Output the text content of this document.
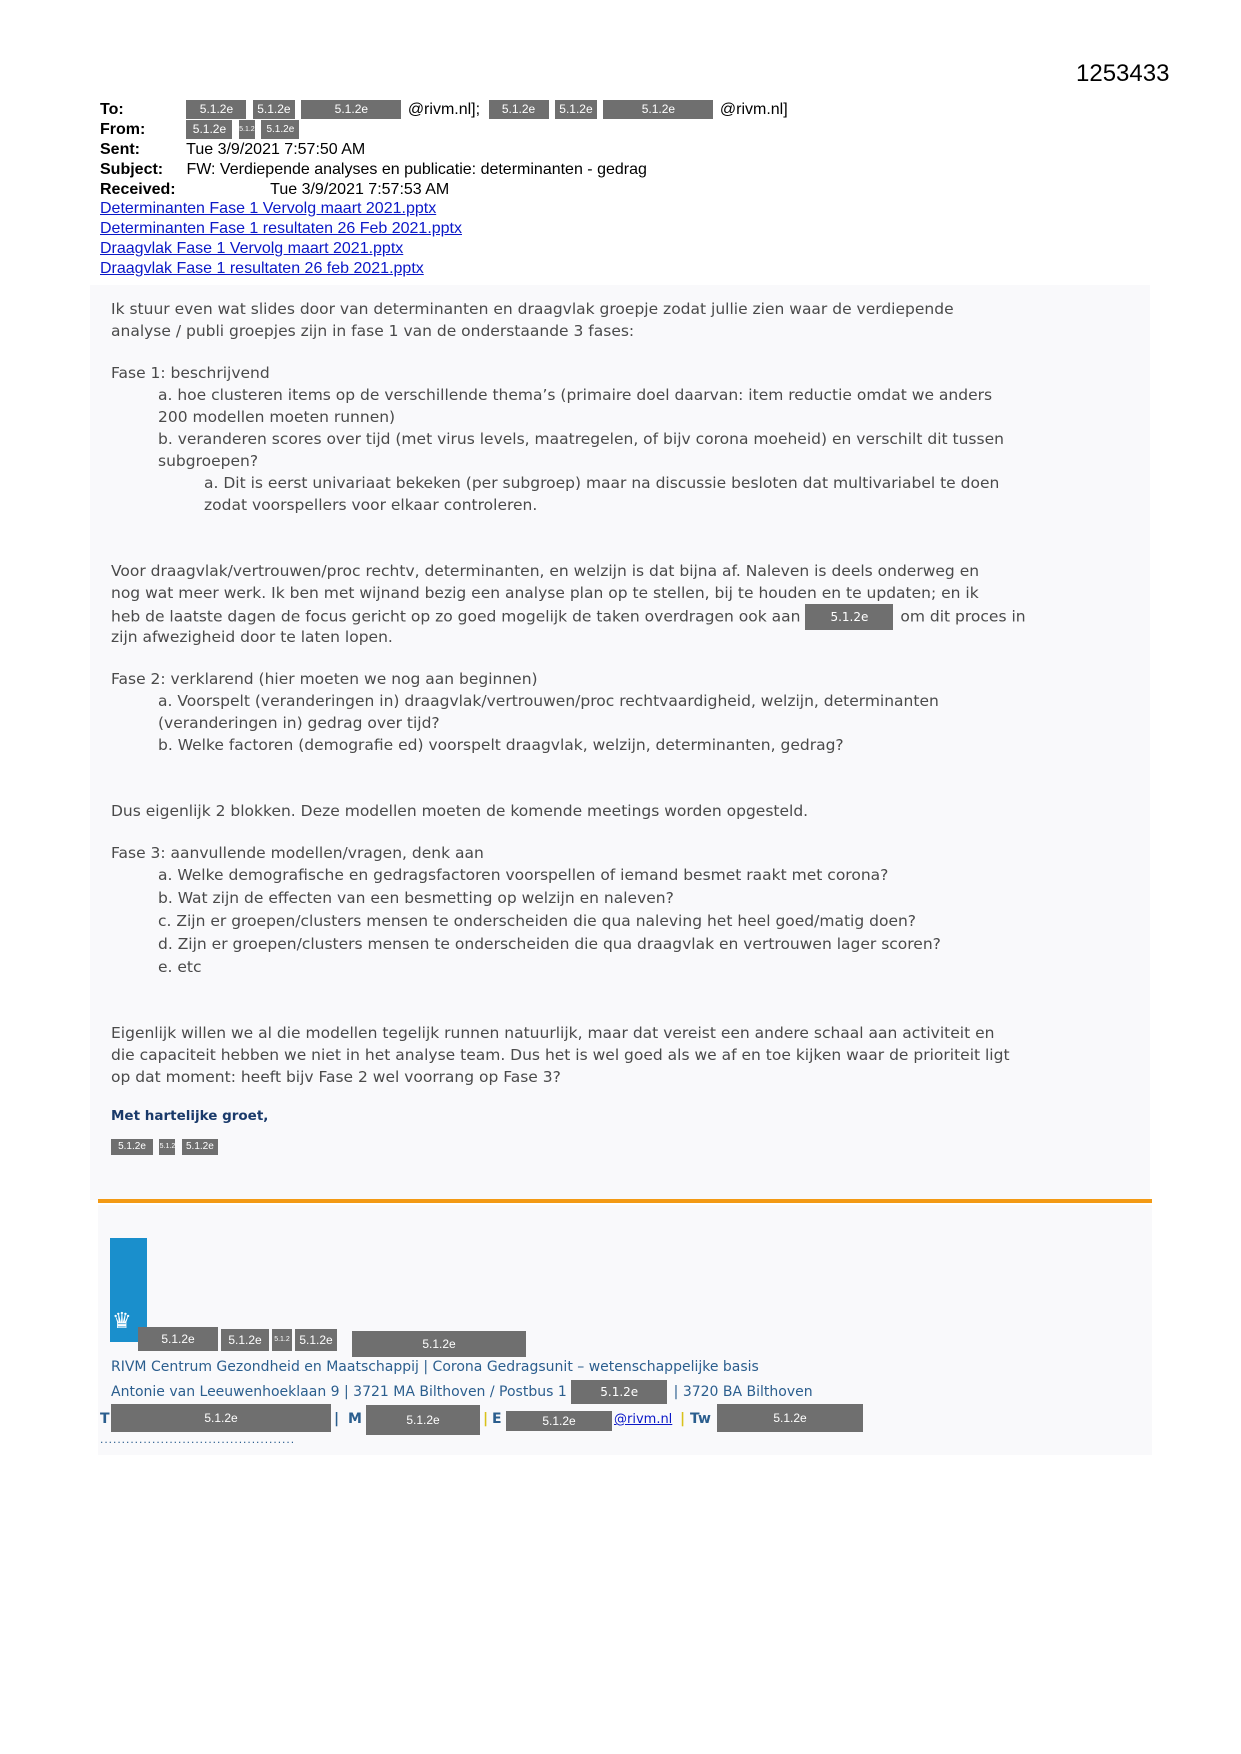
1253433
To:	5.1.2e 5.1.2e	5.1.2e @rivm.nl]; 5.1.2e 5.1.2e	5.1.2e	@rivm.nl]
From:	5.1.2e 5.1.2 5.1.2e
Sent:	Tue 3/9/2021 7:57:50 AM
Subject: FW: Verdiepende analyses en publicatie: determinanten - gedrag
Received:	Tue 3/9/2021 7:57:53 AM
Determinanten Fase 1 Vervolg maart 2021.pptx
Determinanten Fase 1 resultaten 26 Feb 2021.pptx
Draagvlak Fase 1 Vervolg maart 2021.pptx
Draagvlak Fase 1 resultaten 26 feb 2021.pptx
Ik stuur even wat slides door van determinanten en draagvlak groepje zodat jullie zien waar de verdiepende
analyse / publi groepjes zijn in fase 1 van de onderstaande 3 fases:
Fase 1: beschrijvend
a. hoe clusteren items op de verschillende thema’s (primaire doel daarvan: item reductie omdat we anders
200 modellen moeten runnen)
b. veranderen scores over tijd (met virus levels, maatregelen, of bijv corona moeheid) en verschilt dit tussen
subgroepen?
a. Dit is eerst univariaat bekeken (per subgroep) maar na discussie besloten dat multivariabel te doen
zodat voorspellers voor elkaar controleren.
Voor draagvlak/vertrouwen/proc rechtv, determinanten, en welzijn is dat bijna af. Naleven is deels onderweg en
nog wat meer werk. Ik ben met wijnand bezig een analyse plan op te stellen, bij te houden en te updaten; en ik
heb de laatste dagen de focus gericht op zo goed mogelijk de taken overdragen ook aan 5.1.2e om dit proces in
zijn afwezigheid door te laten lopen.
Fase 2: verklarend (hier moeten we nog aan beginnen)
a. Voorspelt (veranderingen in) draagvlak/vertrouwen/proc rechtvaardigheid, welzijn, determinanten
(veranderingen in) gedrag over tijd?
b. Welke factoren (demografie ed) voorspelt draagvlak, welzijn, determinanten, gedrag?
Dus eigenlijk 2 blokken. Deze modellen moeten de komende meetings worden opgesteld.
Fase 3: aanvullende modellen/vragen, denk aan
a. Welke demografische en gedragsfactoren voorspellen of iemand besmet raakt met corona?
b. Wat zijn de effecten van een besmetting op welzijn en naleven?
c. Zijn er groepen/clusters mensen te onderscheiden die qua naleving het heel goed/matig doen?
d. Zijn er groepen/clusters mensen te onderscheiden die qua draagvlak en vertrouwen lager scoren?
e. etc
Eigenlijk willen we al die modellen tegelijk runnen natuurlijk, maar dat vereist een andere schaal aan activiteit en
die capaciteit hebben we niet in het analyse team. Dus het is wel goed als we af en toe kijken waar de prioriteit ligt
op dat moment: heeft bijv Fase 2 wel voorrang op Fase 3?
Met hartelijke groet,
5.1.2e 5.1.2 5.1.2e
♛
5.1.2e	5.1.2e	5.1.2 5.1.2e	5.1.2e
RIVM Centrum Gezondheid en Maatschappij | Corona Gedragsunit – wetenschappelijke basis
Antonie van Leeuwenhoeklaan 9 | 3721 MA Bilthoven / Postbus 1	5.1.2e	| 3720 BA Bilthoven
T	5.1.2e	| M	5.1.2e	| E	5.1.2e	@rivm.nl | Tw	5.1.2e
.............................................
